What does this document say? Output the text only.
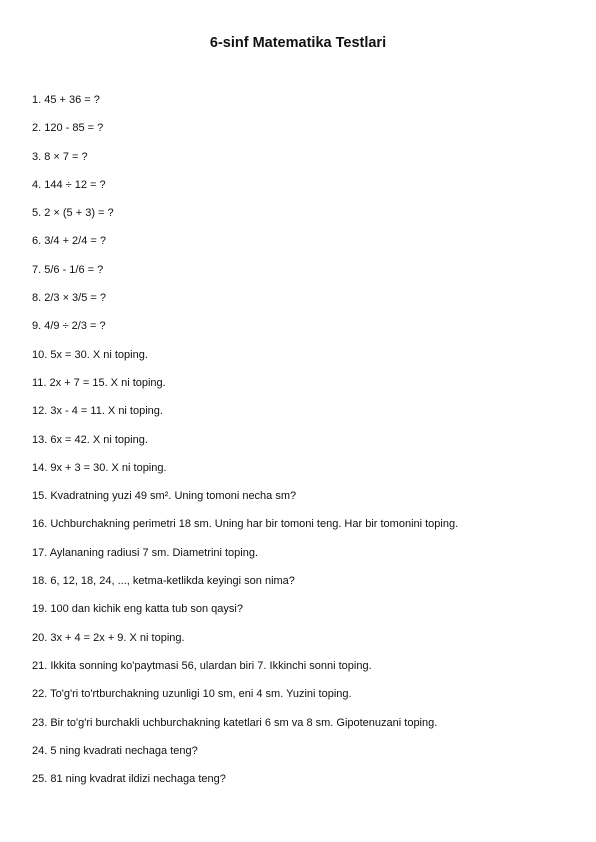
6-sinf Matematika Testlari
1. 45 + 36 = ?
2. 120 - 85 = ?
3. 8 × 7 = ?
4. 144 ÷ 12 = ?
5. 2 × (5 + 3) = ?
6. 3/4 + 2/4 = ?
7. 5/6 - 1/6 = ?
8. 2/3 × 3/5 = ?
9. 4/9 ÷ 2/3 = ?
10. 5x = 30. X ni toping.
11. 2x + 7 = 15. X ni toping.
12. 3x - 4 = 11. X ni toping.
13. 6x = 42. X ni toping.
14. 9x + 3 = 30. X ni toping.
15. Kvadratning yuzi 49 sm². Uning tomoni necha sm?
16. Uchburchakning perimetri 18 sm. Uning har bir tomoni teng. Har bir tomonini toping.
17. Aylananing radiusi 7 sm. Diametrini toping.
18. 6, 12, 18, 24, ..., ketma-ketlikda keyingi son nima?
19. 100 dan kichik eng katta tub son qaysi?
20. 3x + 4 = 2x + 9. X ni toping.
21. Ikkita sonning ko'paytmasi 56, ulardan biri 7. Ikkinchi sonni toping.
22. To'g'ri to'rtburchakning uzunligi 10 sm, eni 4 sm. Yuzini toping.
23. Bir to'g'ri burchakli uchburchakning katetlari 6 sm va 8 sm. Gipotenuzani toping.
24. 5 ning kvadrati nechaga teng?
25. 81 ning kvadrat ildizi nechaga teng?
